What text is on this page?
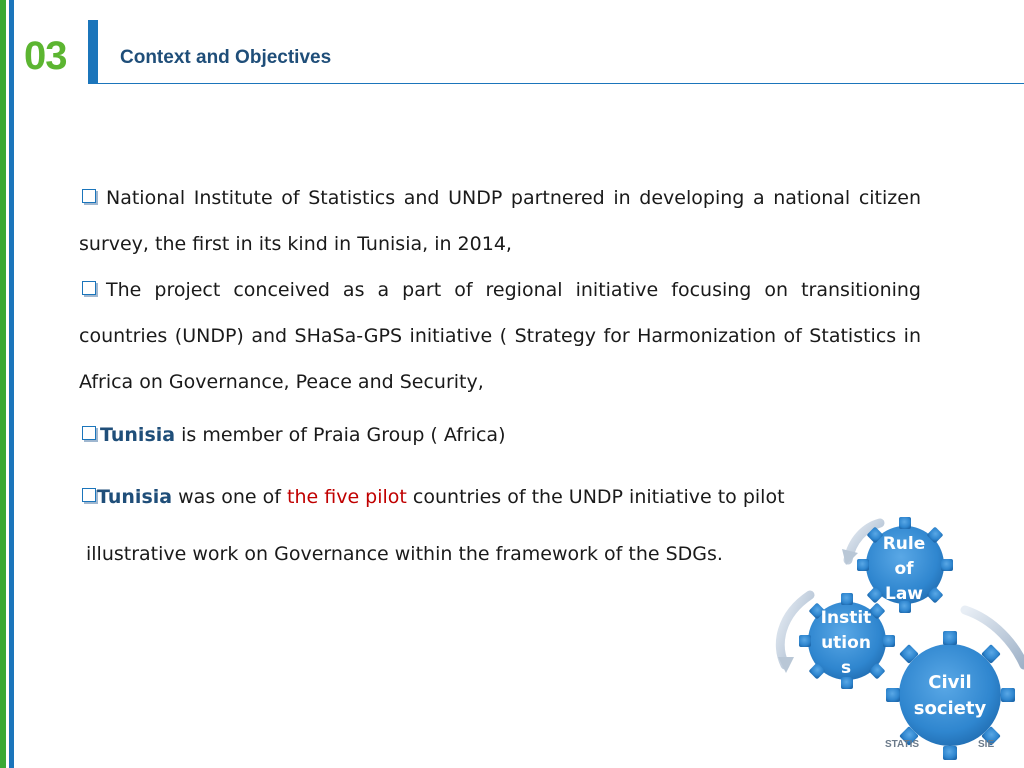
03	Context and Objectives

National Institute of Statistics and UNDP partnered in developing a national citizen survey, the first in its kind in Tunisia, in 2014,

The project conceived as a part of regional initiative focusing on transitioning countries (UNDP) and SHaSa-GPS initiative ( Strategy for Harmonization of Statistics in Africa on Governance, Peace and Security,

Tunisia is member of Praia Group ( Africa)
Tunisia was one of the five pilot countries of the UNDP initiative to pilot
illustrative work on Governance within the framework of the SDGs.	Rule
of
Law
Instit
ution
s
Civil
society
STATIS	SIE
